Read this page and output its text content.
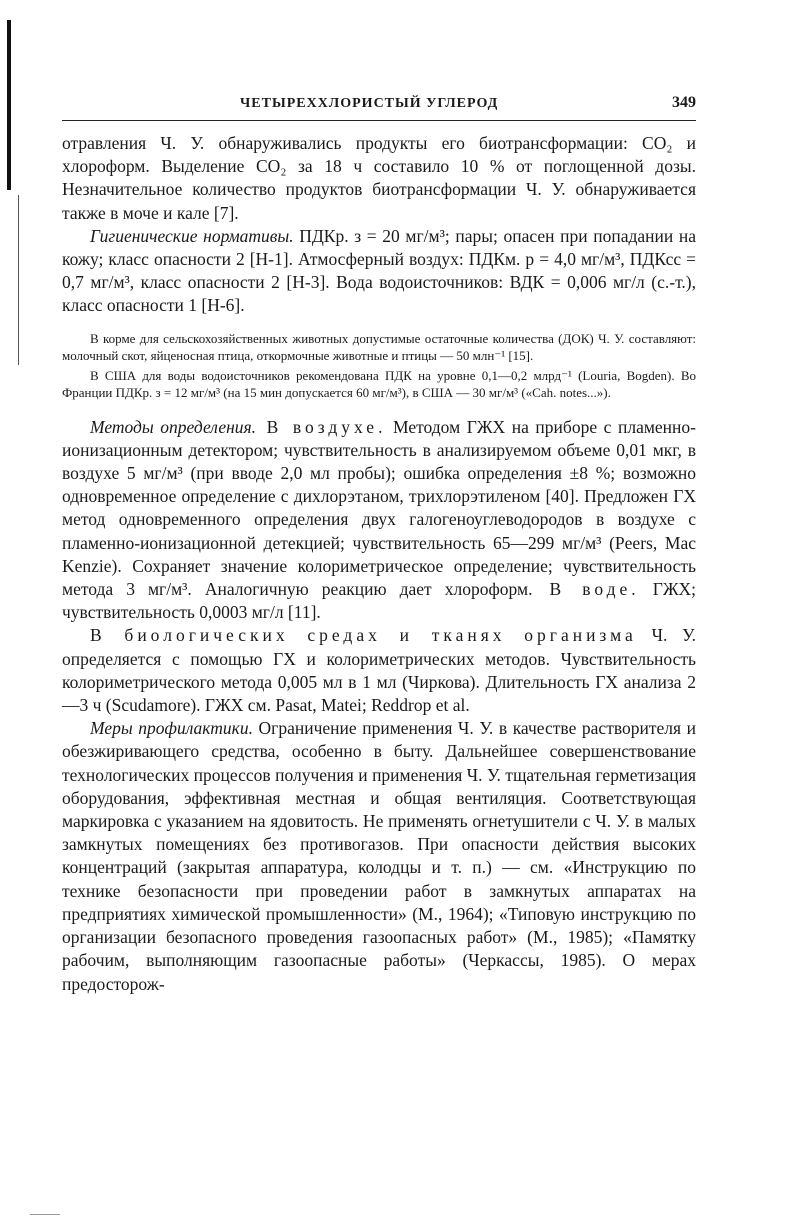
ЧЕТЫРЕХХЛОРИСТЫЙ УГЛЕРОД	349

отравления Ч. У. обнаруживались продукты его биотрансформации: CO₂ и хлороформ. Выделение CO₂ за 18 ч составило 10 % от поглощенной дозы. Незначительное количество продуктов биотрансформации Ч. У. обнаруживается также в моче и кале [7].

Гигиенические нормативы. ПДКр. з = 20 мг/м³; пары; опасен при попадании на кожу; класс опасности 2 [Н-1]. Атмосферный воздух: ПДКм. р = 4,0 мг/м³, ПДКсс = 0,7 мг/м³, класс опасности 2 [Н-3]. Вода водоисточников: ВДК = 0,006 мг/л (с.-т.), класс опасности 1 [Н-6].

В корме для сельскохозяйственных животных допустимые остаточные количества (ДОК) Ч. У. составляют: молочный скот, яйценосная птица, откормочные животные и птицы — 50 млн⁻¹ [15].

В США для воды водоисточников рекомендована ПДК на уровне 0,1—0,2 млрд⁻¹ (Louria, Bogden). Во Франции ПДКр. з = 12 мг/м³ (на 15 мин допускается 60 мг/м³), в США — 30 мг/м³ («Cah. notes...»).

Методы определения. В воздухе. Методом ГЖХ на приборе с пламенно-ионизационным детектором; чувствительность в анализируемом объеме 0,01 мкг, в воздухе 5 мг/м³ (при вводе 2,0 мл пробы); ошибка определения ±8 %; возможно одновременное определение с дихлорэтаном, трихлорэтиленом [40]. Предложен ГХ метод одновременного определения двух галогеноуглеводородов в воздухе с пламенно-ионизационной детекцией; чувствительность 65—299 мг/м³ (Peers, Mac Kenzie). Сохраняет значение колориметрическое определение; чувствительность метода 3 мг/м³. Аналогичную реакцию дает хлороформ. В воде. ГЖХ; чувствительность 0,0003 мг/л [11].

В биологических средах и тканях организма Ч. У. определяется с помощью ГХ и колориметрических методов. Чувствительность колориметрического метода 0,005 мл в 1 мл (Чиркова). Длительность ГХ анализа 2—3 ч (Scudamore). ГЖХ см. Pasat, Matei; Reddrop et al.

Меры профилактики. Ограничение применения Ч. У. в качестве растворителя и обезжиривающего средства, особенно в быту. Дальнейшее совершенствование технологических процессов получения и применения Ч. У. тщательная герметизация оборудования, эффективная местная и общая вентиляция. Соответствующая маркировка с указанием на ядовитость. Не применять огнетушители с Ч. У. в малых замкнутых помещениях без противогазов. При опасности действия высоких концентраций (закрытая аппаратура, колодцы и т. п.) — см. «Инструкцию по технике безопасности при проведении работ в замкнутых аппаратах на предприятиях химической промышленности» (М., 1964); «Типовую инструкцию по организации безопасного проведения газоопасных работ» (М., 1985); «Памятку рабочим, выполняющим газоопасные работы» (Черкассы, 1985). О мерах предосторож-
